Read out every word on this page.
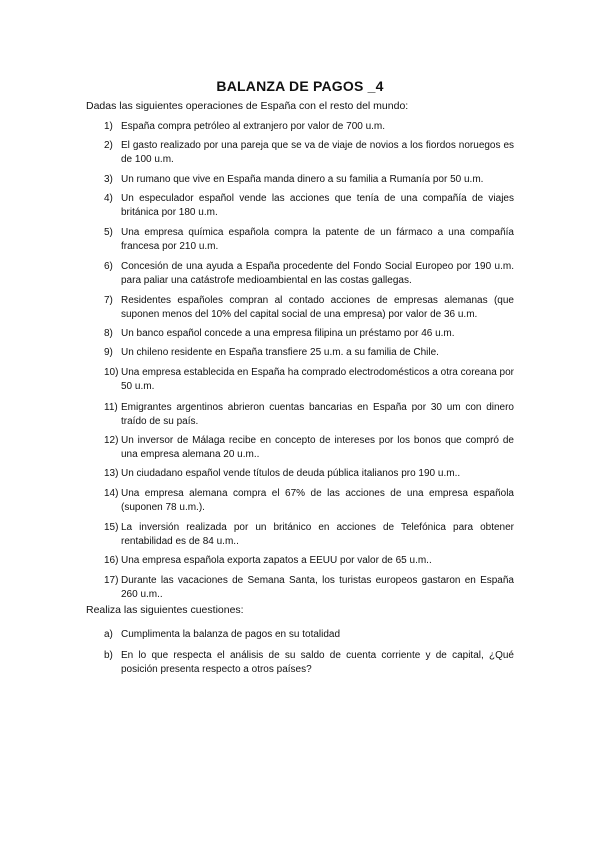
BALANZA DE PAGOS _4
Dadas las siguientes operaciones de España con el resto del mundo:
1) España compra petróleo al extranjero por valor de 700 u.m.
2) El gasto realizado por una pareja que se va de viaje de novios a los fiordos noruegos es de 100 u.m.
3) Un rumano que vive en España manda dinero a su familia a Rumanía por 50 u.m.
4) Un especulador español vende las acciones que tenía de una compañía de viajes británica por 180 u.m.
5) Una empresa química española compra la patente de un fármaco a una compañía francesa por 210 u.m.
6) Concesión de una ayuda a España procedente del Fondo Social Europeo por 190 u.m. para paliar una catástrofe medioambiental en las costas gallegas.
7) Residentes españoles compran al contado acciones de empresas alemanas (que suponen menos del 10% del capital social de una empresa) por valor de 36 u.m.
8) Un banco español concede a una empresa filipina un préstamo por 46 u.m.
9) Un chileno residente en España transfiere 25 u.m. a su familia de Chile.
10) Una empresa establecida en España ha comprado electrodomésticos a otra coreana por 50 u.m.
11) Emigrantes argentinos abrieron cuentas bancarias en España por 30 um con dinero traído de su país.
12) Un inversor de Málaga recibe en concepto de intereses por los bonos que compró de una empresa alemana 20 u.m..
13) Un ciudadano español vende títulos de deuda pública italianos pro 190 u.m..
14) Una empresa alemana compra el 67% de las acciones de una empresa española (suponen 78 u.m.).
15) La inversión realizada por un británico en acciones de Telefónica para obtener rentabilidad es de 84 u.m..
16) Una empresa española exporta zapatos a EEUU por valor de 65 u.m..
17) Durante las vacaciones de Semana Santa, los turistas europeos gastaron en España 260 u.m..
Realiza las siguientes cuestiones:
a) Cumplimenta la balanza de pagos en su totalidad
b) En lo que respecta el análisis de su saldo de cuenta corriente y de capital, ¿Qué posición presenta respecto a otros países?
